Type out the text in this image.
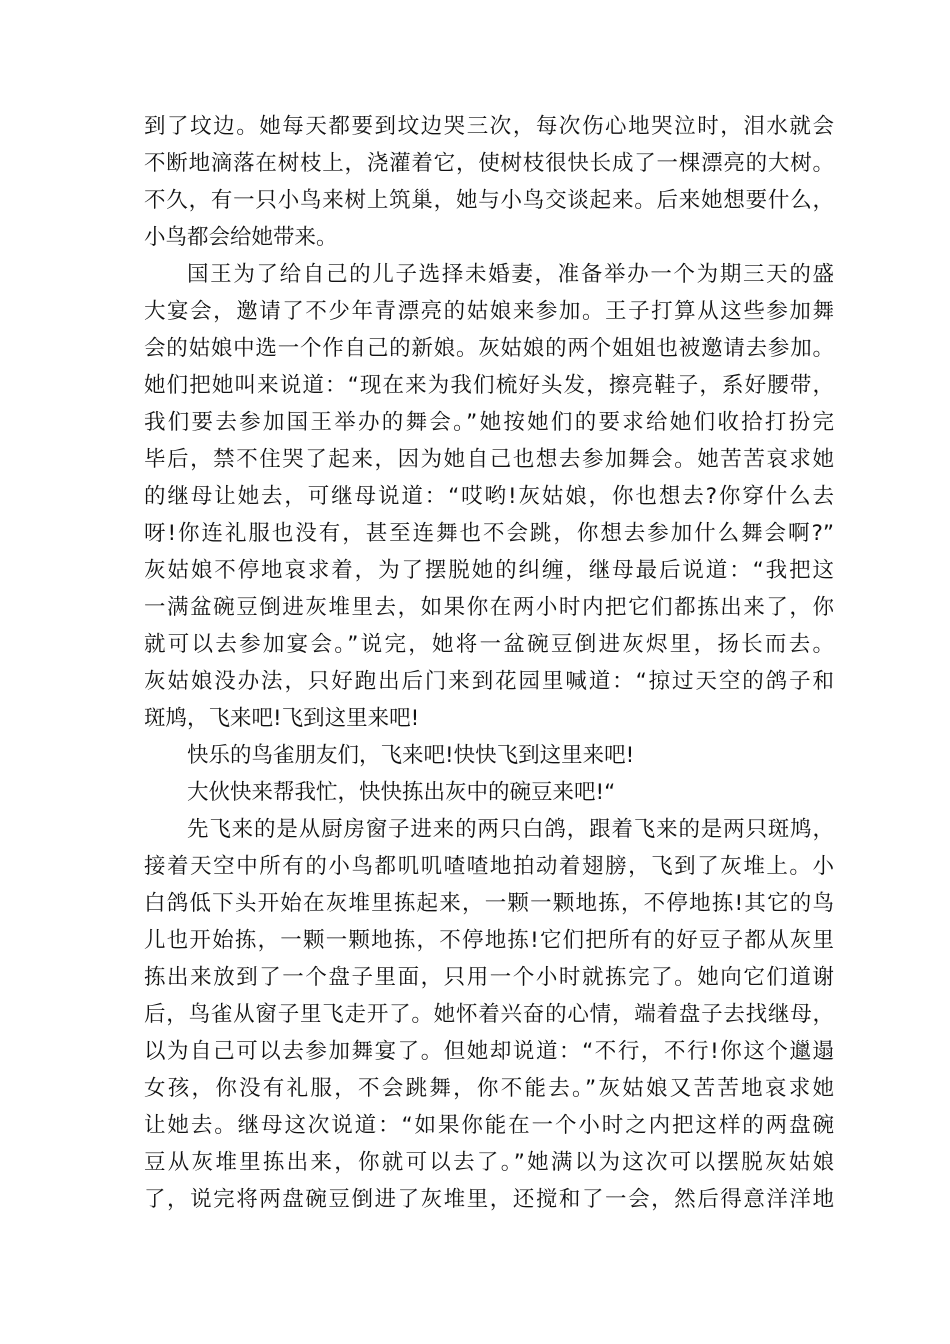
到了坟边。她每天都要到坟边哭三次，每次伤心地哭泣时，泪水就会
不断地滴落在树枝上，浇灌着它，使树枝很快长成了一棵漂亮的大树。
不久，有一只小鸟来树上筑巢，她与小鸟交谈起来。后来她想要什么，
小鸟都会给她带来。
国王为了给自己的儿子选择未婚妻，准备举办一个为期三天的盛
大宴会，邀请了不少年青漂亮的姑娘来参加。王子打算从这些参加舞
会的姑娘中选一个作自己的新娘。灰姑娘的两个姐姐也被邀请去参加。
她们把她叫来说道：“现在来为我们梳好头发，擦亮鞋子，系好腰带，
我们要去参加国王举办的舞会。”她按她们的要求给她们收拾打扮完
毕后，禁不住哭了起来，因为她自己也想去参加舞会。她苦苦哀求她
的继母让她去，可继母说道：“哎哟!灰姑娘，你也想去?你穿什么去
呀!你连礼服也没有，甚至连舞也不会跳，你想去参加什么舞会啊?”
灰姑娘不停地哀求着，为了摆脱她的纠缠，继母最后说道：“我把这
一满盆碗豆倒进灰堆里去，如果你在两小时内把它们都拣出来了，你
就可以去参加宴会。”说完，她将一盆碗豆倒进灰烬里，扬长而去。
灰姑娘没办法，只好跑出后门来到花园里喊道：“掠过天空的鸽子和
斑鸠，飞来吧!飞到这里来吧!
快乐的鸟雀朋友们，飞来吧!快快飞到这里来吧!
大伙快来帮我忙，快快拣出灰中的碗豆来吧!“
先飞来的是从厨房窗子进来的两只白鸽，跟着飞来的是两只斑鸠，
接着天空中所有的小鸟都叽叽喳喳地拍动着翅膀，飞到了灰堆上。小
白鸽低下头开始在灰堆里拣起来，一颗一颗地拣，不停地拣!其它的鸟
儿也开始拣，一颗一颗地拣，不停地拣!它们把所有的好豆子都从灰里
拣出来放到了一个盘子里面，只用一个小时就拣完了。她向它们道谢
后，鸟雀从窗子里飞走开了。她怀着兴奋的心情，端着盘子去找继母，
以为自己可以去参加舞宴了。但她却说道：“不行，不行!你这个邋遢
女孩，你没有礼服，不会跳舞，你不能去。”灰姑娘又苦苦地哀求她
让她去。继母这次说道：“如果你能在一个小时之内把这样的两盘碗
豆从灰堆里拣出来，你就可以去了。”她满以为这次可以摆脱灰姑娘
了，说完将两盘碗豆倒进了灰堆里，还搅和了一会，然后得意洋洋地
